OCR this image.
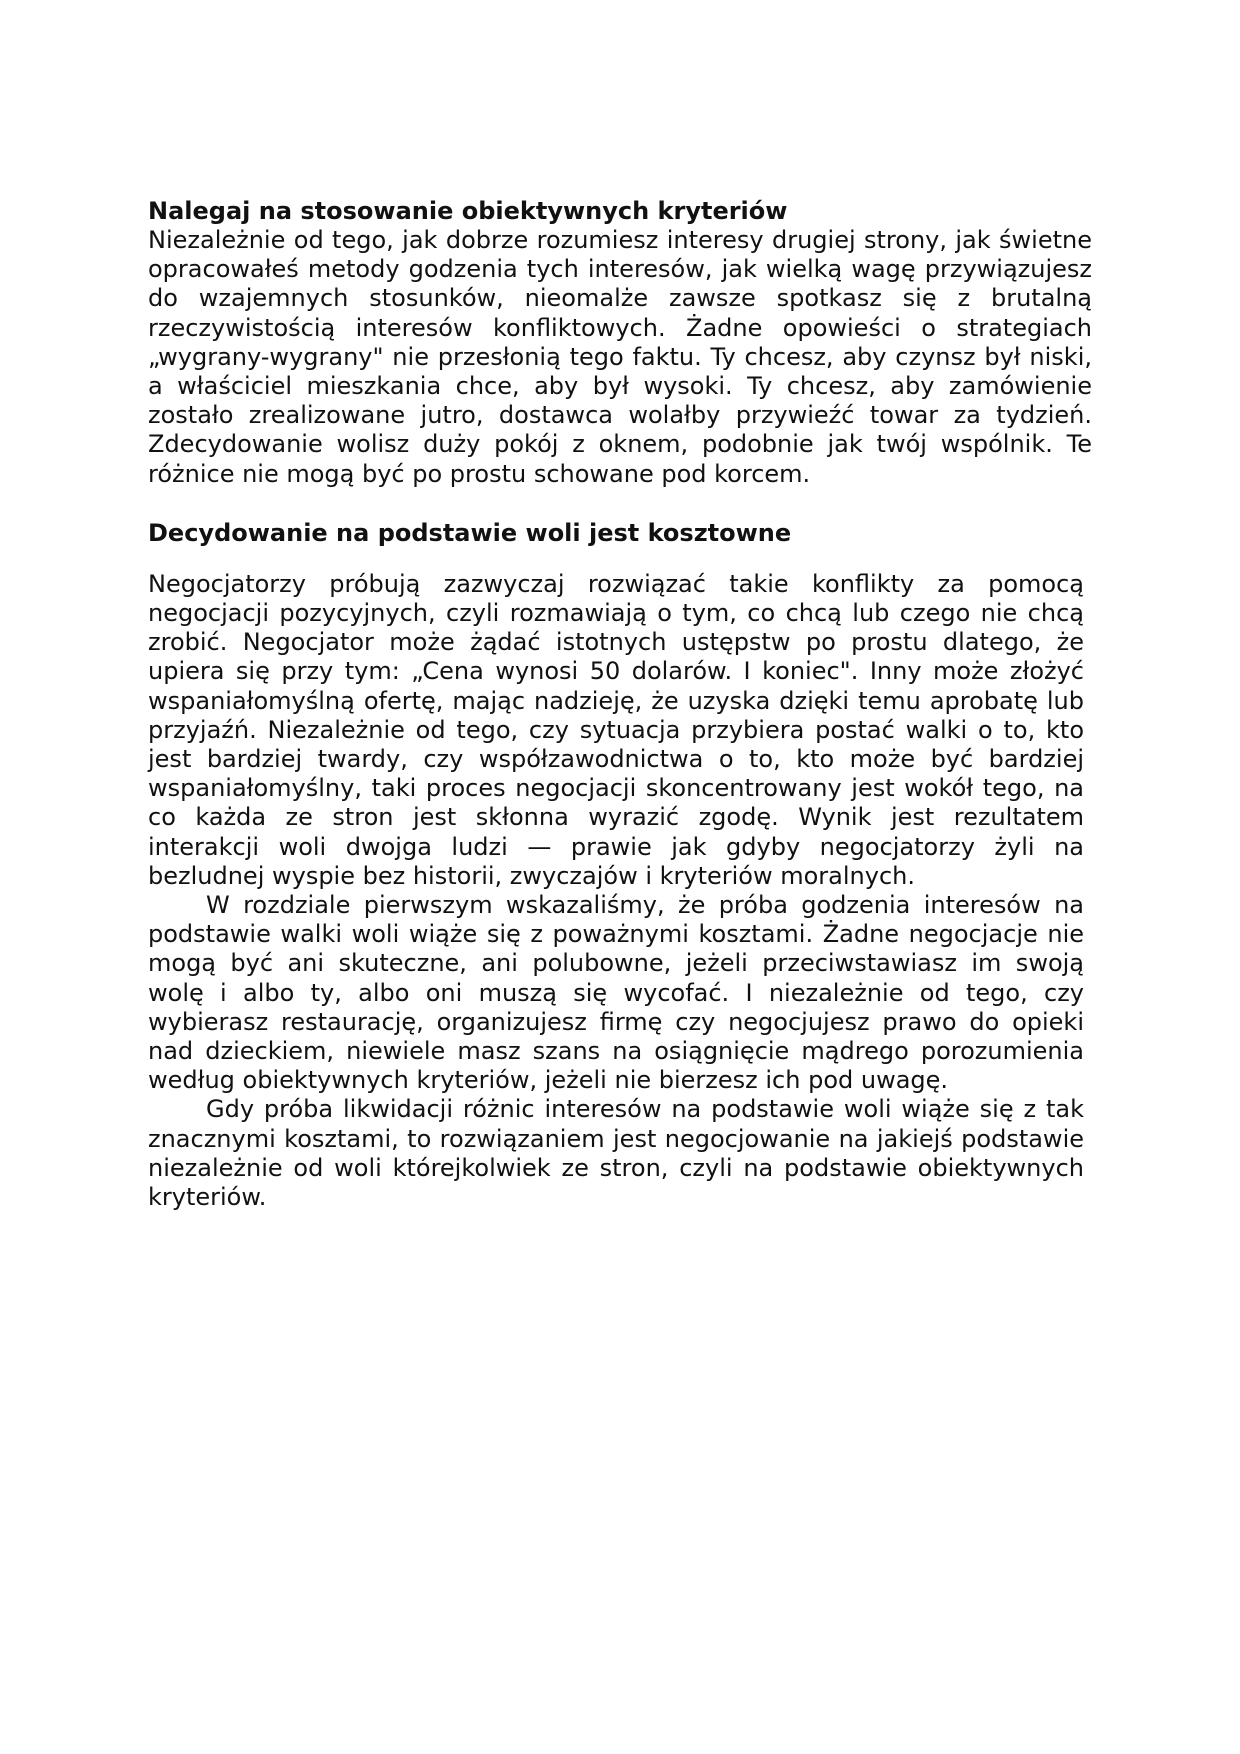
Nalegaj na stosowanie obiektywnych kryteriów

Niezależnie od tego, jak dobrze rozumiesz interesy drugiej strony, jak świetne opracowałeś metody godzenia tych interesów, jak wielką wagę przywiązujesz do wzajemnych stosunków, nieomalże zawsze spotkasz się z brutalną rzeczywistością interesów konfliktowych. Żadne opowieści o strategiach „wygrany-wygrany" nie przesłonią tego faktu. Ty chcesz, aby czynsz był niski, a właściciel mieszkania chce, aby był wysoki. Ty chcesz, aby zamówienie zostało zrealizowane jutro, dostawca wolałby przywieźć towar za tydzień. Zdecydowanie wolisz duży pokój z oknem, podobnie jak twój wspólnik. Te różnice nie mogą być po prostu schowane pod korcem.

Decydowanie na podstawie woli jest kosztowne

Negocjatorzy próbują zazwyczaj rozwiązać takie konflikty za pomocą negocjacji pozycyjnych, czyli rozmawiają o tym, co chcą lub czego nie chcą zrobić. Negocjator może żądać istotnych ustępstw po prostu dlatego, że upiera się przy tym: „Cena wynosi 50 dolarów. I koniec". Inny może złożyć wspaniałomyślną ofertę, mając nadzieję, że uzyska dzięki temu aprobatę lub przyjaźń. Niezależnie od tego, czy sytuacja przybiera postać walki o to, kto jest bardziej twardy, czy współzawodnictwa o to, kto może być bardziej wspaniałomyślny, taki proces negocjacji skoncentrowany jest wokół tego, na co każda ze stron jest skłonna wyrazić zgodę. Wynik jest rezultatem interakcji woli dwojga ludzi — prawie jak gdyby negocjatorzy żyli na bezludnej wyspie bez historii, zwyczajów i kryteriów moralnych.

W rozdziale pierwszym wskazaliśmy, że próba godzenia interesów na podstawie walki woli wiąże się z poważnymi kosztami. Żadne negocjacje nie mogą być ani skuteczne, ani polubowne, jeżeli przeciwstawiasz im swoją wolę i albo ty, albo oni muszą się wycofać. I niezależnie od tego, czy wybierasz restaurację, organizujesz firmę czy negocjujesz prawo do opieki nad dzieckiem, niewiele masz szans na osiągnięcie mądrego porozumienia według obiektywnych kryteriów, jeżeli nie bierzesz ich pod uwagę.

Gdy próba likwidacji różnic interesów na podstawie woli wiąże się z tak znacznymi kosztami, to rozwiązaniem jest negocjowanie na jakiejś podstawie niezależnie od woli którejkolwiek ze stron, czyli na podstawie obiektywnych kryteriów.
